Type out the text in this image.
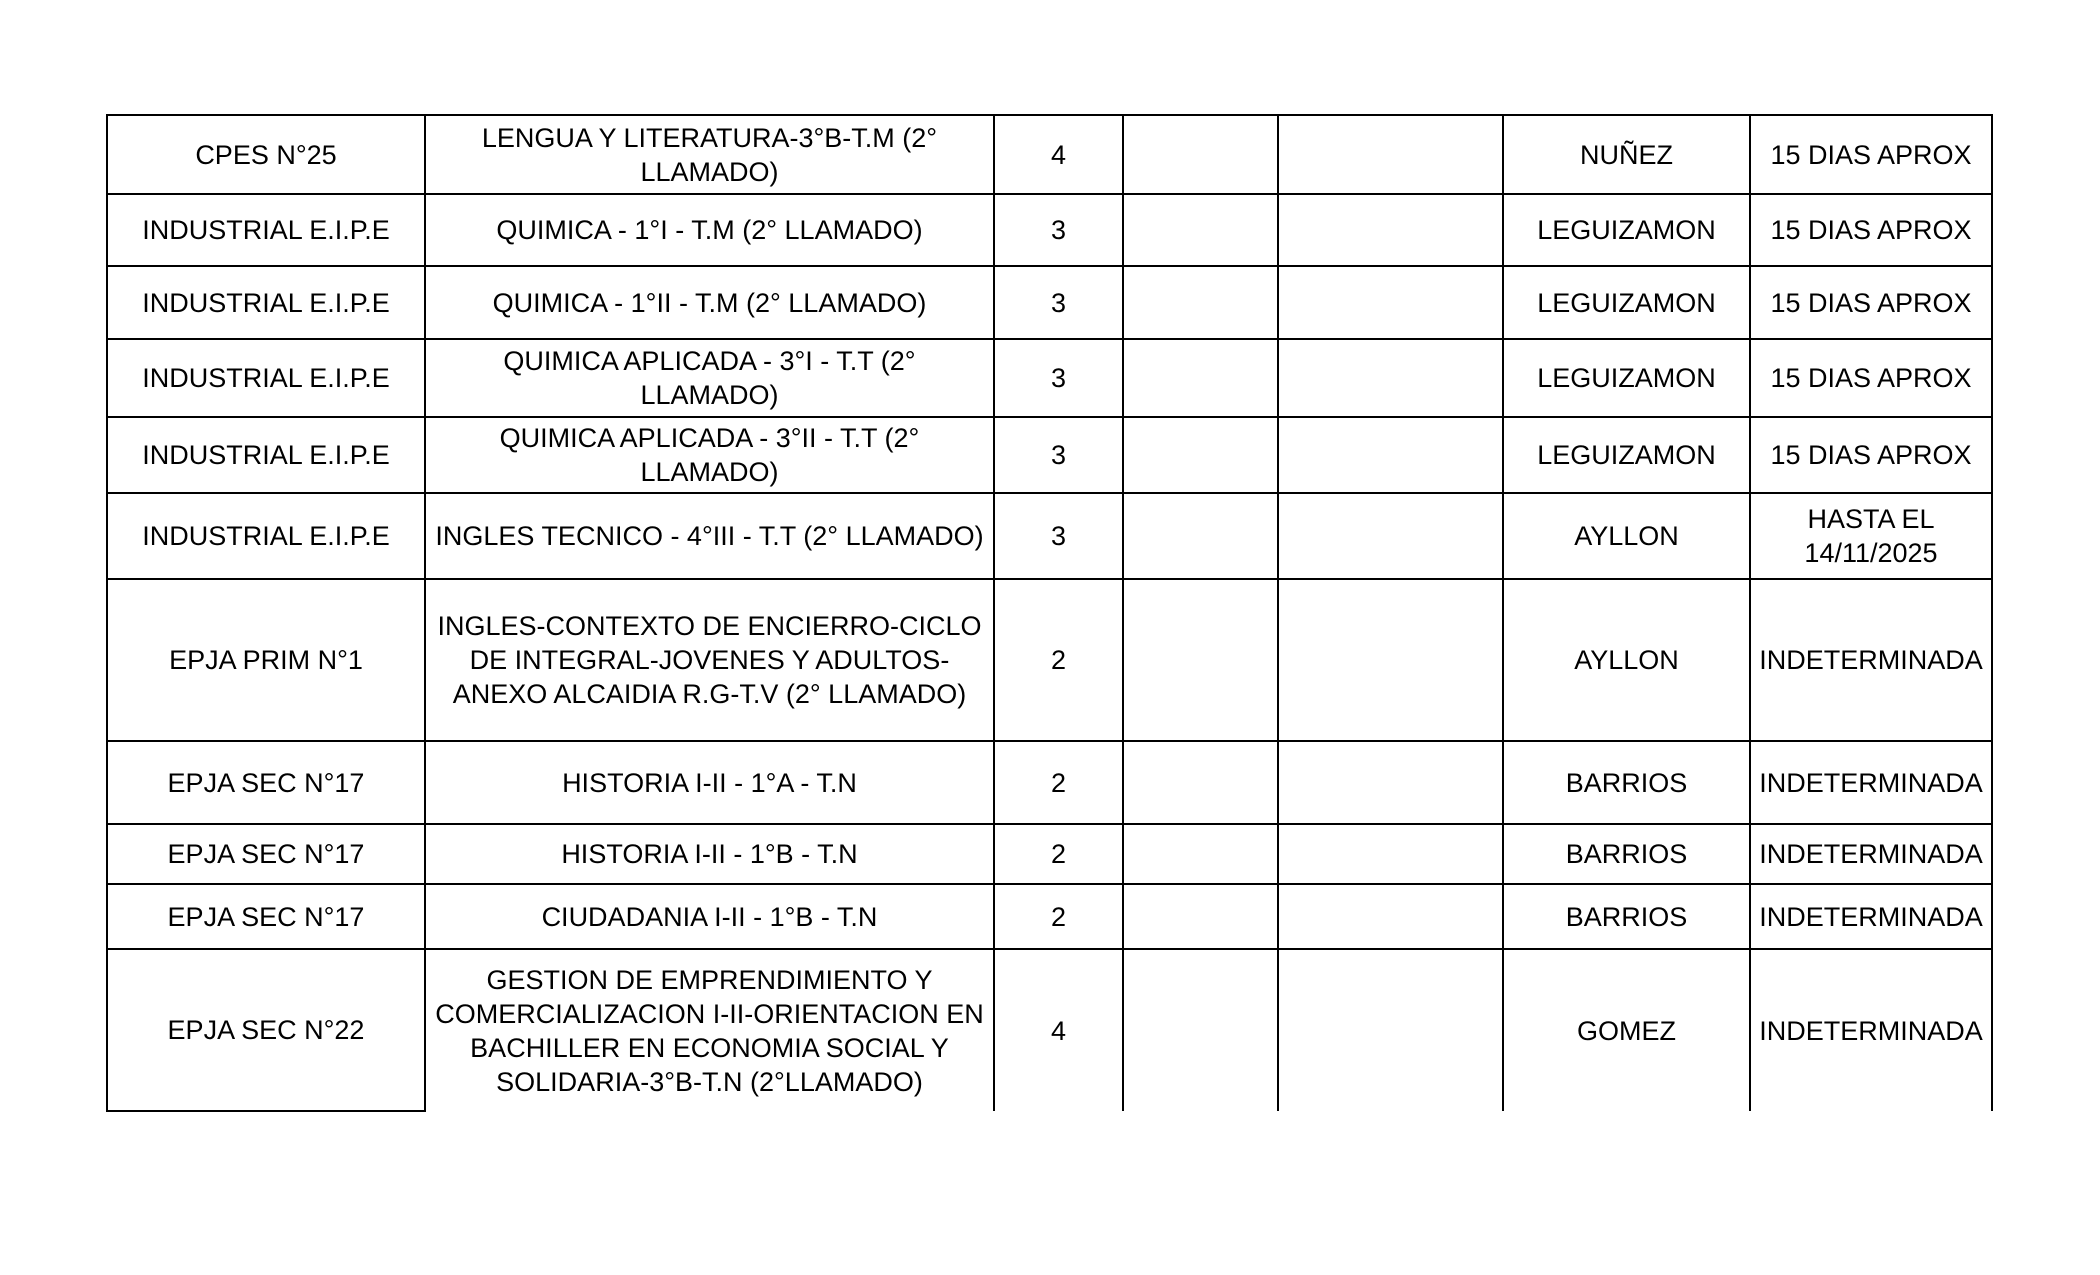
CPES N°25	LENGUA Y LITERATURA-3°B-T.M (2° LLAMADO)	4			NUÑEZ	15 DIAS APROX
INDUSTRIAL E.I.P.E	QUIMICA - 1°I - T.M (2° LLAMADO)	3			LEGUIZAMON	15 DIAS APROX
INDUSTRIAL E.I.P.E	QUIMICA - 1°II - T.M (2° LLAMADO)	3			LEGUIZAMON	15 DIAS APROX
INDUSTRIAL E.I.P.E	QUIMICA APLICADA - 3°I - T.T (2° LLAMADO)	3			LEGUIZAMON	15 DIAS APROX
INDUSTRIAL E.I.P.E	QUIMICA APLICADA - 3°II - T.T (2° LLAMADO)	3			LEGUIZAMON	15 DIAS APROX
INDUSTRIAL E.I.P.E	INGLES TECNICO - 4°III - T.T (2° LLAMADO)	3			AYLLON	HASTA EL 14/11/2025
EPJA PRIM N°1	INGLES-CONTEXTO DE ENCIERRO-CICLO DE INTEGRAL-JOVENES Y ADULTOS-ANEXO ALCAIDIA R.G-T.V (2° LLAMADO)	2			AYLLON	INDETERMINADA
EPJA SEC N°17	HISTORIA I-II - 1°A - T.N	2			BARRIOS	INDETERMINADA
EPJA SEC N°17	HISTORIA I-II - 1°B - T.N	2			BARRIOS	INDETERMINADA
EPJA SEC N°17	CIUDADANIA I-II - 1°B - T.N	2			BARRIOS	INDETERMINADA
EPJA SEC N°22	GESTION DE EMPRENDIMIENTO Y COMERCIALIZACION I-II-ORIENTACION EN BACHILLER EN ECONOMIA SOCIAL Y SOLIDARIA-3°B-T.N (2°LLAMADO)	4			GOMEZ	INDETERMINADA
